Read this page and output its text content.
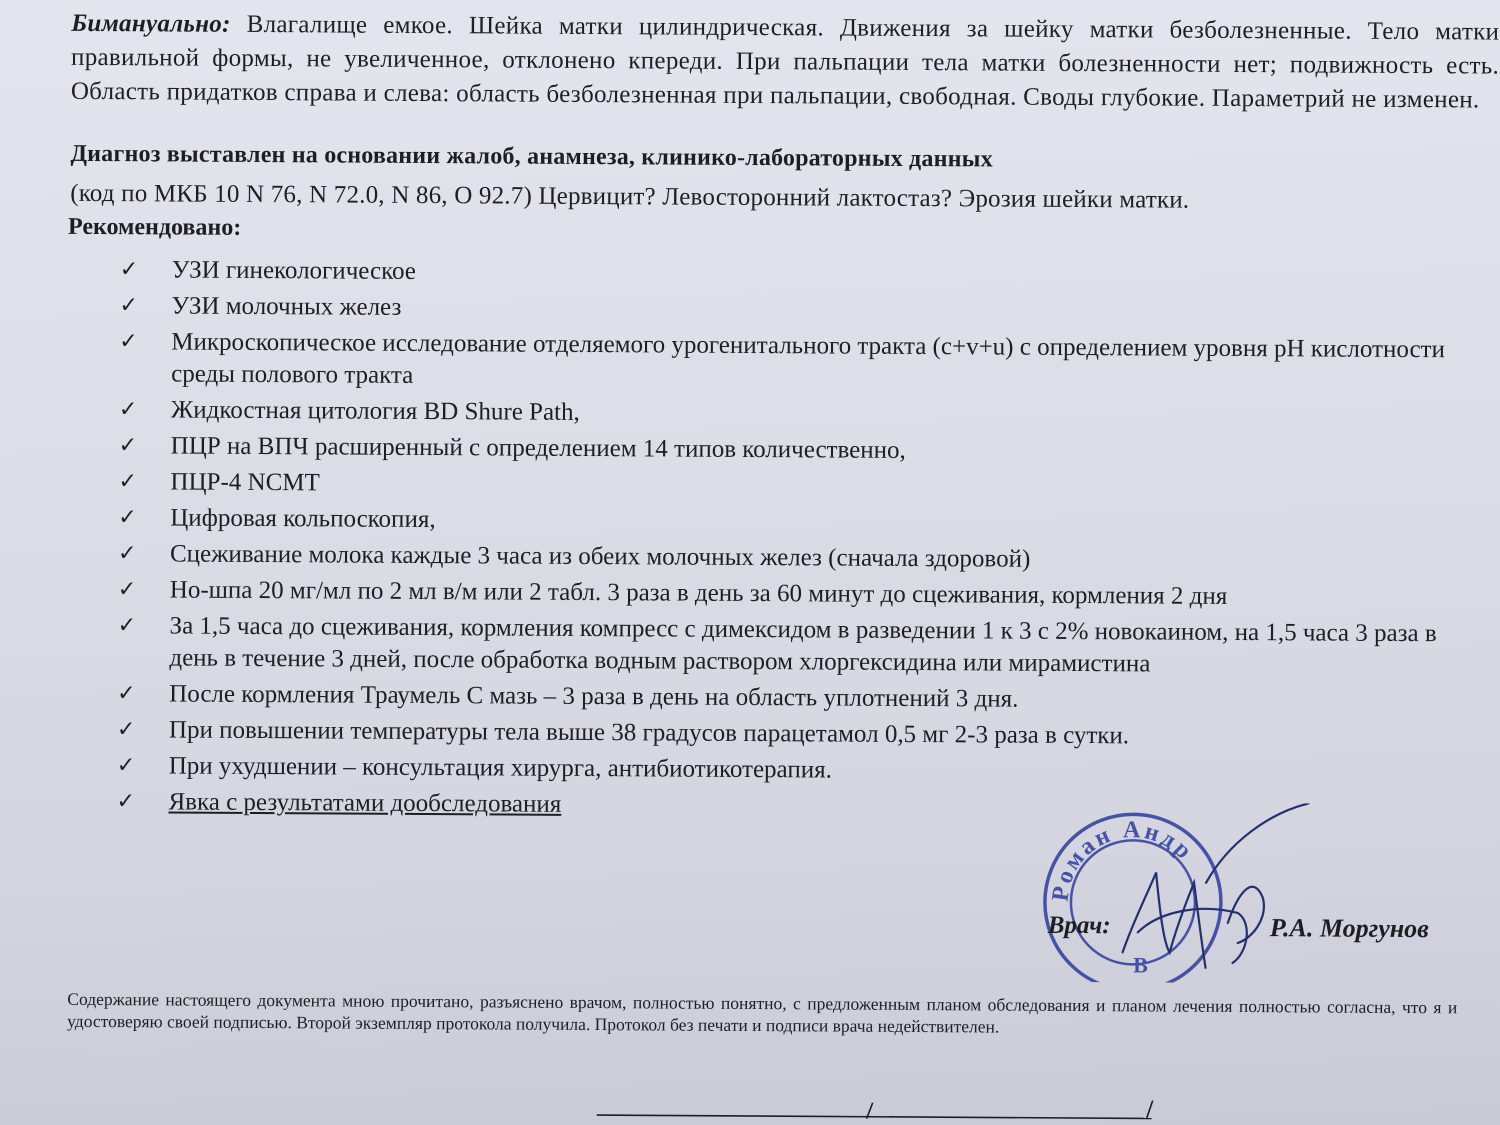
Бимануально: Влагалище емкое. Шейка матки цилиндрическая. Движения за шейку матки безболезненные. Тело матки правильной формы, не увеличенное, отклонено кпереди. При пальпации тела матки болезненности нет; подвижность есть. Область придатков справа и слева: область безболезненная при пальпации, свободная. Своды глубокие. Параметрий не изменен.

Диагноз выставлен на основании жалоб, анамнеза, клинико-лабораторных данных
(код по МКБ 10 N 76, N 72.0, N 86, O 92.7) Цервицит? Левосторонний лактостаз? Эрозия шейки матки.
Рекомендовано:
✓ УЗИ гинекологическое
✓ УЗИ молочных желез
✓ Микроскопическое исследование отделяемого урогенитального тракта (c+v+u) с определением уровня pH кислотности среды полового тракта
✓ Жидкостная цитология BD Shure Path,
✓ ПЦР на ВПЧ расширенный с определением 14 типов количественно,
✓ ПЦР-4 NCMT
✓ Цифровая кольпоскопия,
✓ Сцеживание молока каждые 3 часа из обеих молочных желез (сначала здоровой)
✓ Но-шпа 20 мг/мл по 2 мл в/м или 2 табл. 3 раза в день за 60 минут до сцеживания, кормления 2 дня
✓ За 1,5 часа до сцеживания, кормления компресс с димексидом в разведении 1 к 3 с 2% новокаином, на 1,5 часа 3 раза в день в течение 3 дней, после обработка водным раствором хлоргексидина или мирамистина
✓ После кормления Траумель С мазь – 3 раза в день на область уплотнений 3 дня.
✓ При повышении температуры тела выше 38 градусов парацетамол 0,5 мг 2-3 раза в сутки.
✓ При ухудшении – консультация хирурга, антибиотикотерапия.
✓ Явка с результатами дообследования
Роман Андр
В
Врач:	Р.А. Моргунов

Содержание настоящего документа мною прочитано, разъяснено врачом, полностью понятно, с предложенным планом обследования и планом лечения полностью согласна, что я и удостоверяю своей подписью. Второй экземпляр протокола получила. Протокол без печати и подписи врача недействителен.
